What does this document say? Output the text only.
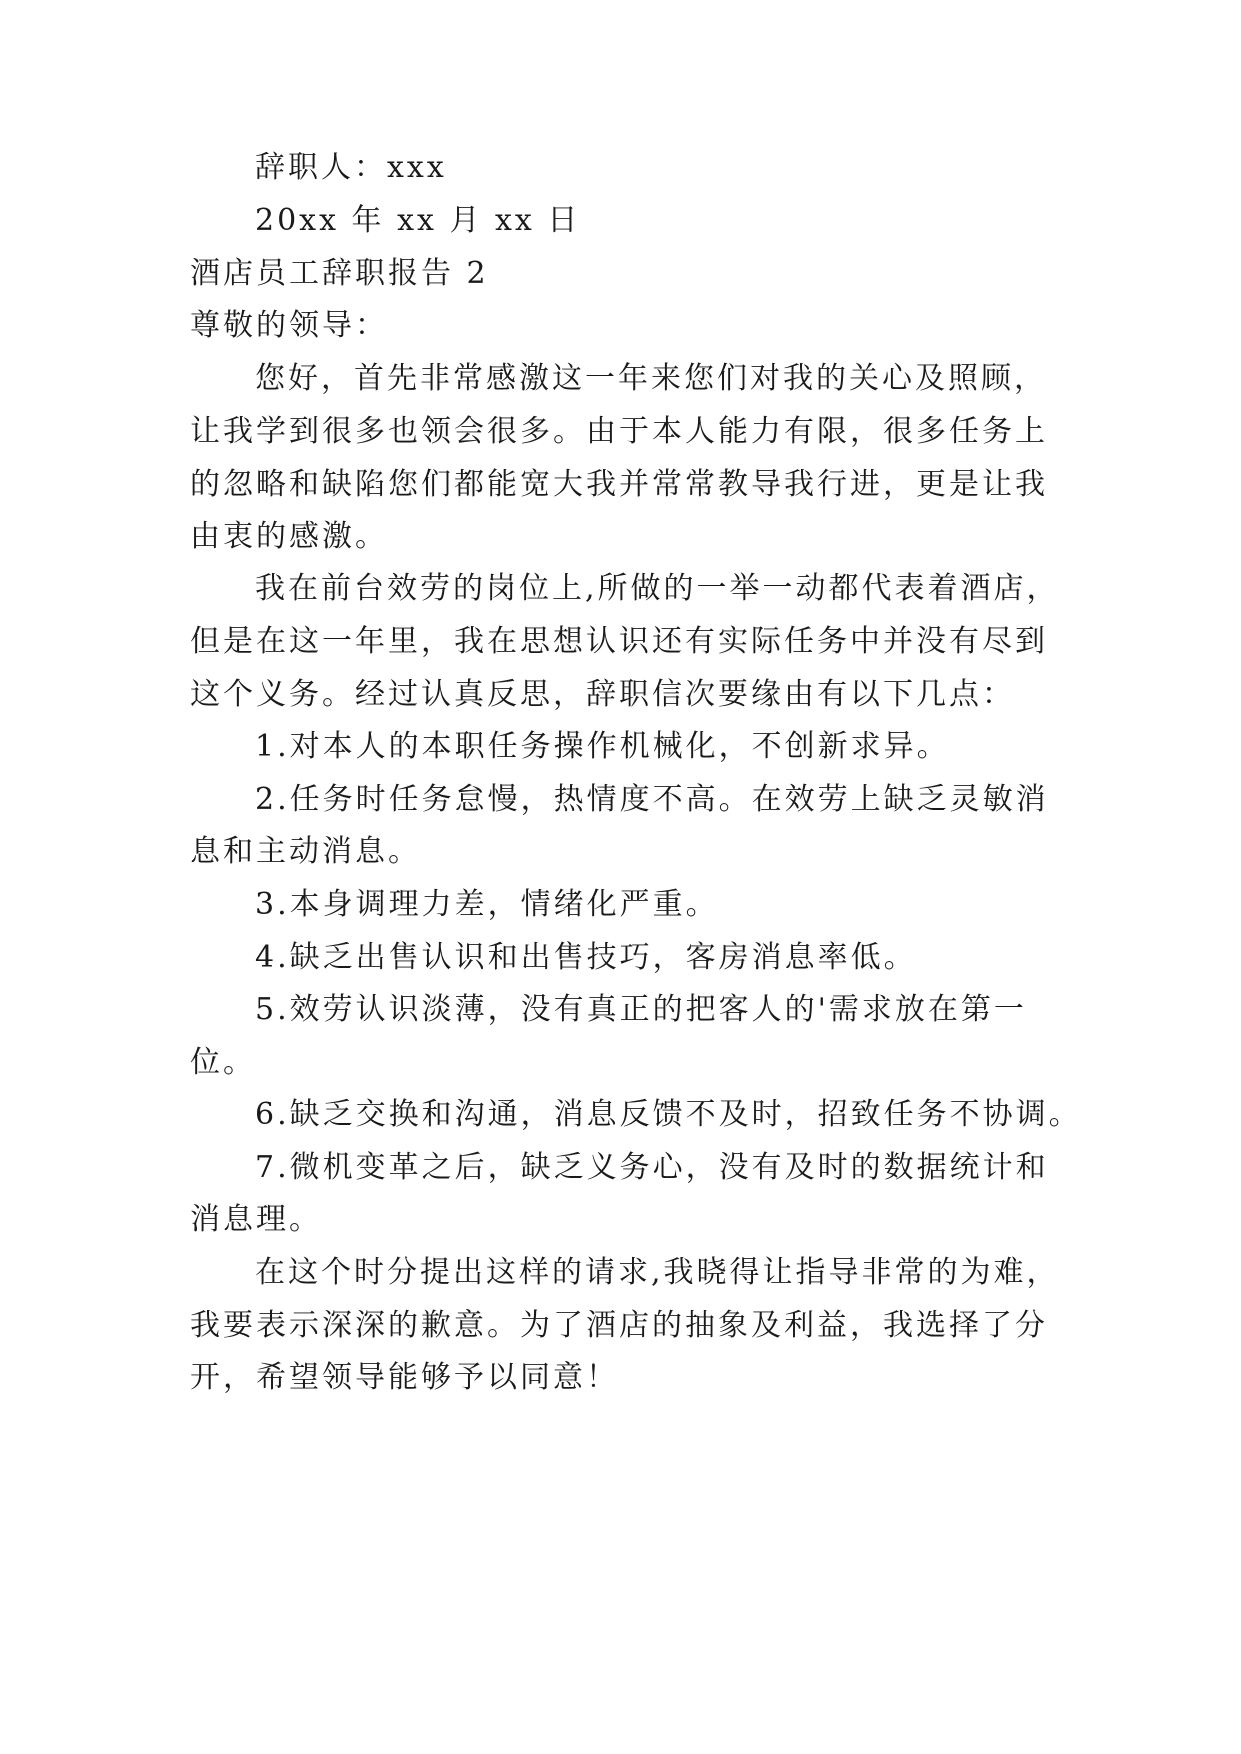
辞职人：xxx
20xx 年 xx 月 xx 日
酒店员工辞职报告 2
尊敬的领导：
您好，首先非常感激这一年来您们对我的关心及照顾，
让我学到很多也领会很多。由于本人能力有限，很多任务上
的忽略和缺陷您们都能宽大我并常常教导我行进，更是让我
由衷的感激。
我在前台效劳的岗位上,所做的一举一动都代表着酒店，
但是在这一年里，我在思想认识还有实际任务中并没有尽到
这个义务。经过认真反思，辞职信次要缘由有以下几点：
1.对本人的本职任务操作机械化，不创新求异。
2.任务时任务怠慢，热情度不高。在效劳上缺乏灵敏消
息和主动消息。
3.本身调理力差，情绪化严重。
4.缺乏出售认识和出售技巧，客房消息率低。
5.效劳认识淡薄，没有真正的把客人的'需求放在第一
位。
6.缺乏交换和沟通，消息反馈不及时，招致任务不协调。
7.微机变革之后，缺乏义务心，没有及时的数据统计和
消息理。
在这个时分提出这样的请求,我晓得让指导非常的为难，
我要表示深深的歉意。为了酒店的抽象及利益，我选择了分
开，希望领导能够予以同意！
